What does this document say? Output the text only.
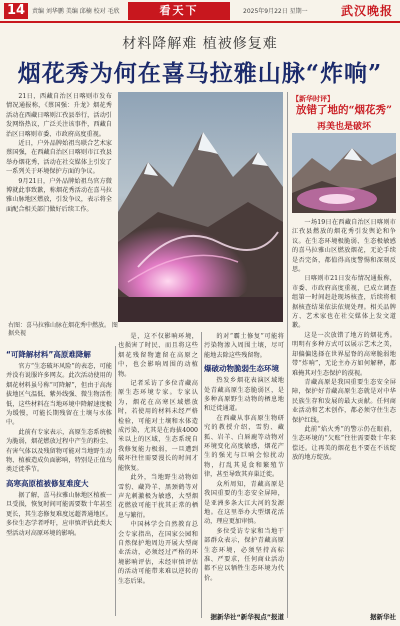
14	责编 刘华鹏 美编 邱楠 校对 毛欣	看天下	2025年9月22日 星期一	武汉晚报
材料降解难 植被修复难
烟花秀为何在喜马拉雅山脉“炸响”

21日，西藏自治区日喀则市发布情况通报称，《蔡国强：升龙》烟花秀活动在西藏日喀则江孜县举行，活动引发网络热议，广泛关注该事件，西藏自治区日喀则市委、市政府高度重视。

近日，户外品牌始祖鸟联合艺术家蔡国强，在西藏自治区日喀则市江孜县举办烟花秀，活动在社交媒体上引发了一系列关于环境保护方面的争议。

9月21日，户外品牌始祖鸟官方微博就此事致歉，称烟花秀活动在喜马拉雅山脉地区燃放，引发争议，表示将全面配合相关部门做好后续工作。

右图：喜马拉雅山脉在烟花秀中燃放。 图据央视

“可降解材料”高原难降解

官方“生态破坏风险”的表态，可能并没有说服许多网友。此次活动使用的烟花材料虽号称“可降解”，但由于高海拔地区气温低、紫外线强、微生物活性低，这些材料在当地环境中降解速度极为缓慢，可能长期残留在土壤与水体中。

此前有专家表示，高原生态系统极为脆弱，烟花燃放过程中产生的粉尘、有害气体以及残留物可能对当地野生动物、植被造成负面影响，特别是正值鸟类迁徙季节。

高寒高原植被修复难度大

据了解，喜马拉雅山脉地区植被一旦受损，恢复时间可能需要数十年甚至更长，其生态修复难度远超普通地区。多位生态学者呼吁，应审慎评估此类大型活动对高原环境的影响。

是，这不仅影响环境，也损害了时民、而且将这些烟花残留物遗留在高原之中，也会影响周围的动植物。

记者采访了多位青藏高原生态环境专家。专家认为，烟花在高寒区域燃放时，若使用的材料未经严格检验，可能对土壤和水体造成污染，尤其是在海拔4000米以上的区域，生态系统自我修复能力极弱，一旦遭到破坏往往需要漫长的时间才能恢复。

此外，当地野生动物如雪豹、藏羚羊、黑颈鹤等对声光刺激极为敏感，大型烟花燃放可能干扰其正常的栖息与繁衍。

中国林学会自然教育总会专家指出，在国家公园和自然保护地周边开展大型商业活动，必须经过严格的环境影响评估，未经审慎评估的活动可能带来难以逆转的生态后果。

的对“霸土修复”可能将污染物渗入周围土壤，尽可能地去除这些残留物。

爆破动物脆弱生态环境

热发乡烟花表演区域地处青藏高原生态脆弱区，是多种高原野生动物的栖息地和迁徙通道。

在西藏从事高原生物研究的教授介绍，雪豹、藏狐、岩羊、白唇鹿等动物对环境变化高度敏感，烟花产生的强光与巨响会惊扰动物，打乱其觅食和繁殖节律，甚至导致其弃巢迁徙。

众所周知，青藏高原是我国重要的生态安全屏障，是亚洲多条大江大河的发源地。在这里举办大型烟花活动，理应更加审慎。

多位受访专家和当地干部群众表示，保护青藏高原生态环境，必须坚持高标准、严要求，任何商业活动都不应以牺牲生态环境为代价。

据新华社“新华视点”报道
【新华时评】
放错了地的“烟花秀”
再美也是破坏

一场19日在西藏自治区日喀则市江孜县燃放的烟花秀引发舆论和争议。在生态环境极脆弱、生态极敏感的喜马拉雅山区燃放烟花，无论手续是否完备，都值得高度警惕和深刻反思。

日喀则市21日发布情况通报称，市委、市政府高度重视，已成立调查组第一时间赶赴现场核查，后续将根据核查结果依法依规处理。相关品牌方、艺术家也在社交媒体上发文道歉。

这是一次放错了地方的烟花秀。明明有多种方式可以展示艺术之美，却偏偏选择在世界屋脊的高寒脆弱地带“炸响”，无论主办方如何解释，都难掩其对生态保护的漠视。

青藏高原是我国重要生态安全屏障，保护好青藏高原生态就是对中华民族生存和发展的最大贡献。任何商业活动和艺术创作，都必须守住生态保护红线。

此前“焰火秀”的警示仍在眼前，生态环境的“欠账”往往需要数十年来偿还。让再美的烟花也不要在不该绽放的地方绽放。

据新华社
